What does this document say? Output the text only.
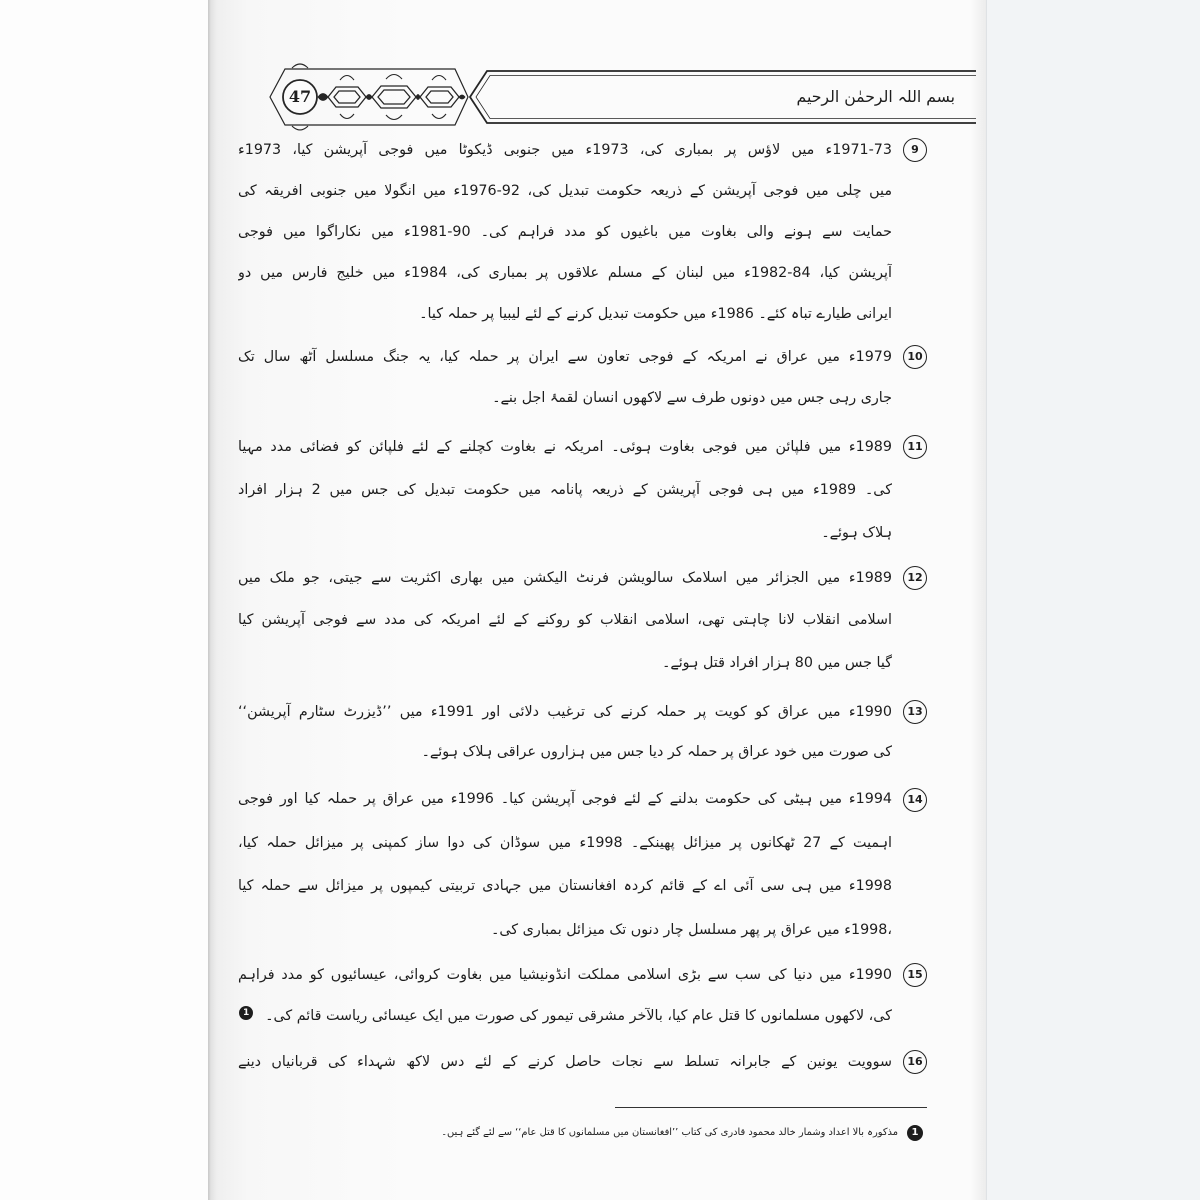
47	بسم اللہ الرحمٰن الرحیم
9
1971-73ء میں لاؤس پر بمباری کی، 1973ء میں جنوبی ڈیکوٹا میں فوجی آپریشن کیا، 1973ء
میں چلی میں فوجی آپریشن کے ذریعہ حکومت تبدیل کی، 92-1976ء میں انگولا میں جنوبی افریقہ کی
حمایت سے ہونے والی بغاوت میں باغیوں کو مدد فراہم کی۔ 90-1981ء میں نکاراگوا میں فوجی
آپریشن کیا، 84-1982ء میں لبنان کے مسلم علاقوں پر بمباری کی، 1984ء میں خلیج فارس میں دو
ایرانی طیارے تباہ کئے۔ 1986ء میں حکومت تبدیل کرنے کے لئے لیبیا پر حملہ کیا۔
10
1979ء میں عراق نے امریکہ کے فوجی تعاون سے ایران پر حملہ کیا، یہ جنگ مسلسل آٹھ سال تک
جاری رہی جس میں دونوں طرف سے لاکھوں انسان لقمۂ اجل بنے۔
11
1989ء میں فلپائن میں فوجی بغاوت ہوئی۔ امریکہ نے بغاوت کچلنے کے لئے فلپائن کو فضائی مدد مہیا
کی۔ 1989ء میں ہی فوجی آپریشن کے ذریعہ پانامہ میں حکومت تبدیل کی جس میں 2 ہزار افراد
ہلاک ہوئے۔
12
1989ء میں الجزائر میں اسلامک سالویشن فرنٹ الیکشن میں بھاری اکثریت سے جیتی، جو ملک میں
اسلامی انقلاب لانا چاہتی تھی، اسلامی انقلاب کو روکنے کے لئے امریکہ کی مدد سے فوجی آپریشن کیا
گیا جس میں 80 ہزار افراد قتل ہوئے۔
13
1990ء میں عراق کو کویت پر حملہ کرنے کی ترغیب دلائی اور 1991ء میں ’’ڈیزرٹ سٹارم آپریشن‘‘
کی صورت میں خود عراق پر حملہ کر دیا جس میں ہزاروں عراقی ہلاک ہوئے۔
14
1994ء میں ہیٹی کی حکومت بدلنے کے لئے فوجی آپریشن کیا۔ 1996ء میں عراق پر حملہ کیا اور فوجی
اہمیت کے 27 ٹھکانوں پر میزائل پھینکے۔ 1998ء میں سوڈان کی دوا ساز کمپنی پر میزائل حملہ کیا،
1998ء میں ہی سی آئی اے کے قائم کردہ افغانستان میں جہادی تربیتی کیمپوں پر میزائل سے حملہ کیا
،1998ء میں عراق پر پھر مسلسل چار دنوں تک میزائل بمباری کی۔
15
1990ء میں دنیا کی سب سے بڑی اسلامی مملکت انڈونیشیا میں بغاوت کروائی، عیسائیوں کو مدد فراہم
کی، لاکھوں مسلمانوں کا قتل عام کیا، بالآخر مشرقی تیمور کی صورت میں ایک عیسائی ریاست قائم کی۔1
16
سوویت یونین کے جابرانہ تسلط سے نجات حاصل کرنے کے لئے دس لاکھ شہداء کی قربانیاں دینے
1
مذکورہ بالا اعداد وشمار خالد محمود قادری کی کتاب ’’افغانستان میں مسلمانوں کا قتل عام‘‘ سے لئے گئے ہیں۔
